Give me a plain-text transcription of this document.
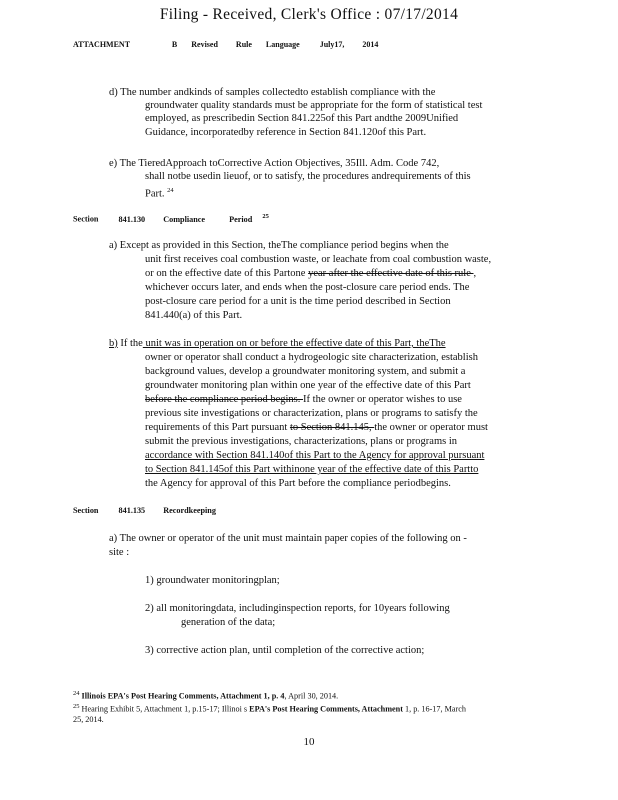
Filing - Received, Clerk's Office : 07/17/2014
ATTACHMENT	B Revised Rule Language	July17, 2014
d) The number andkinds of samples collectedto establish compliance with the
groundwater quality standards must be appropriate for the form of statistical test
employed, as prescribedin Section 841.225of this Part andthe 2009Unified
Guidance, incorporatedby reference in Section 841.120of this Part.
e) The TieredApproach toCorrective Action Objectives, 35Ill. Adm. Code 742,
shall notbe usedin lieuof, or to satisfy, the procedures andrequirements of this
Part. $^{24}$
Section 841.130 Compliance	Period $^{25}$
a) Except as provided in this Section, theThe compliance period begins when the
unit first receives coal combustion waste, or leachate from coal combustion waste,
or on the effective date of this Partone year after the effective date of this rule ,
whichever occurs later, and ends when the post-closure care period ends. The
post-closure care period for a unit is the time period described in Section
841.440(a) of this Part.
b) If the unit was in operation on or before the effective date of this Part, theThe
owner or operator shall conduct a hydrogeologic site characterization, establish
background values, develop a groundwater monitoring system, and submit a
groundwater monitoring plan within one year of the effective date of this Part
before the compliance period begins. If the owner or operator wishes to use
previous site investigations or characterization, plans or programs to satisfy the
requirements of this Part pursuant to Section 841.145, the owner or operator must
submit the previous investigations, characterizations, plans or programs in
accordance with Section 841.140of this Part to the Agency for approval pursuant
to Section 841.145of this Part withinone year of the effective date of this Partto
the Agency for approval of this Part before the compliance periodbegins.
Section 841.135 Recordkeeping
a) The owner or operator of the unit must maintain paper copies of the following on -
site :
1) groundwater monitoringplan;
2) all monitoringdata, includinginspection reports, for 10years following
generation of the data;
3) corrective action plan, until completion of the corrective action;
$^{24}$ Illinois EPA's Post Hearing Comments, Attachment 1, p. 4, April 30, 2014.
$^{25}$ Hearing Exhibit 5, Attachment 1, p.15-17; Illinoi s EPA's Post Hearing Comments, Attachment 1, p. 16-17, March
25, 2014.
10
